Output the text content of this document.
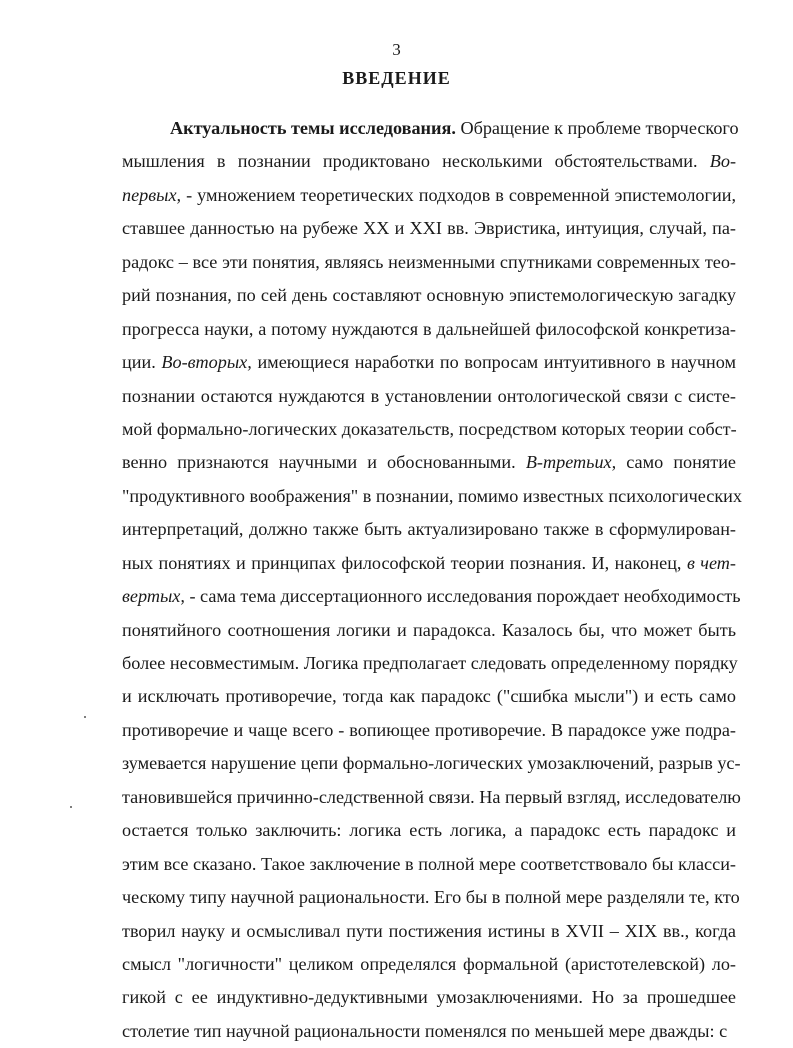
3
ВВЕДЕНИЕ
Актуальность темы исследования. Обращение к проблеме творческого
мышления в познании продиктовано несколькими обстоятельствами. Во-
первых, - умножением теоретических подходов в современной эпистемологии,
ставшее данностью на рубеже XX и XXI вв. Эвристика, интуиция, случай, па-
радокс – все эти понятия, являясь неизменными спутниками современных тео-
рий познания, по сей день составляют основную эпистемологическую загадку
прогресса науки, а потому нуждаются в дальнейшей философской конкретиза-
ции. Во-вторых, имеющиеся наработки по вопросам интуитивного в научном
познании остаются нуждаются в установлении онтологической связи с систе-
мой формально-логических доказательств, посредством которых теории собст-
венно признаются научными и обоснованными. В-третьих, само понятие
"продуктивного воображения" в познании, помимо известных психологических
интерпретаций, должно также быть актуализировано также в сформулирован-
ных понятиях и принципах философской теории познания. И, наконец, в чет-
вертых, - сама тема диссертационного исследования порождает необходимость
понятийного соотношения логики и парадокса. Казалось бы, что может быть
более несовместимым. Логика предполагает следовать определенному порядку
и исключать противоречие, тогда как парадокс ("сшибка мысли") и есть само
противоречие и чаще всего - вопиющее противоречие. В парадоксе уже подра-
зумевается нарушение цепи формально-логических умозаключений, разрыв ус-
тановившейся причинно-следственной связи. На первый взгляд, исследователю
остается только заключить: логика есть логика, а парадокс есть парадокс и
этим все сказано. Такое заключение в полной мере соответствовало бы класси-
ческому типу научной рациональности. Его бы в полной мере разделяли те, кто
творил науку и осмысливал пути постижения истины в XVII – XIX вв., когда
смысл "логичности" целиком определялся формальной (аристотелевской) ло-
гикой с ее индуктивно-дедуктивными умозаключениями. Но за прошедшее
столетие тип научной рациональности поменялся по меньшей мере дважды: с
